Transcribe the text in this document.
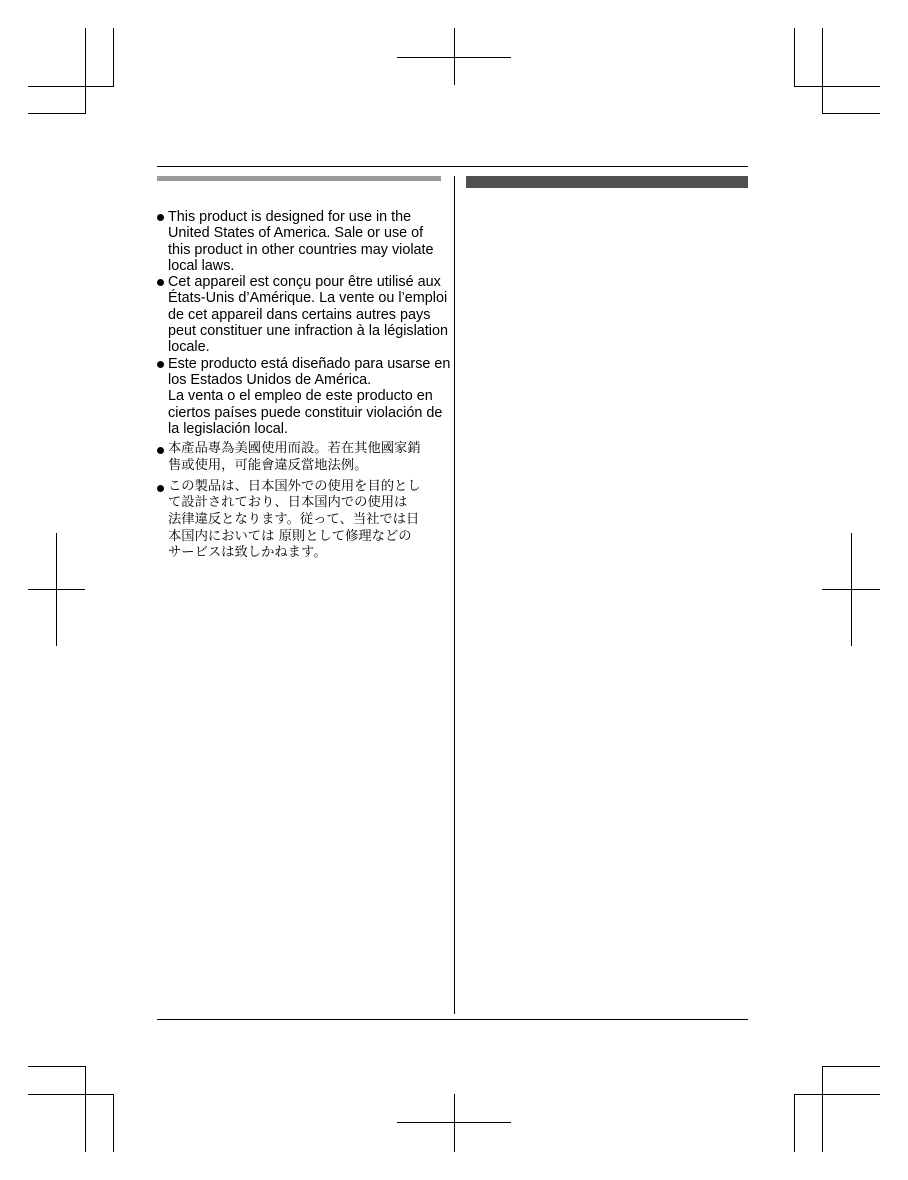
This product is designed for use in the
United States of America. Sale or use of
this product in other countries may violate
local laws.
Cet appareil est conçu pour être utilisé aux
États-Unis d’Amérique. La vente ou l’emploi
de cet appareil dans certains autres pays
peut constituer une infraction à la législation
locale.
Este producto está diseñado para usarse en
los Estados Unidos de América.
La venta o el empleo de este producto en
ciertos países puede constituir violación de
la legislación local.
本產品專為美國使用而設。若在其他國家銷
售或使用，可能會違反當地法例。
この製品は、日本国外での使用を目的とし
て設計されており、日本国内での使用は
法律違反となります。従って、当社では日
本国内においては 原則として修理などの
サービスは致しかねます。
